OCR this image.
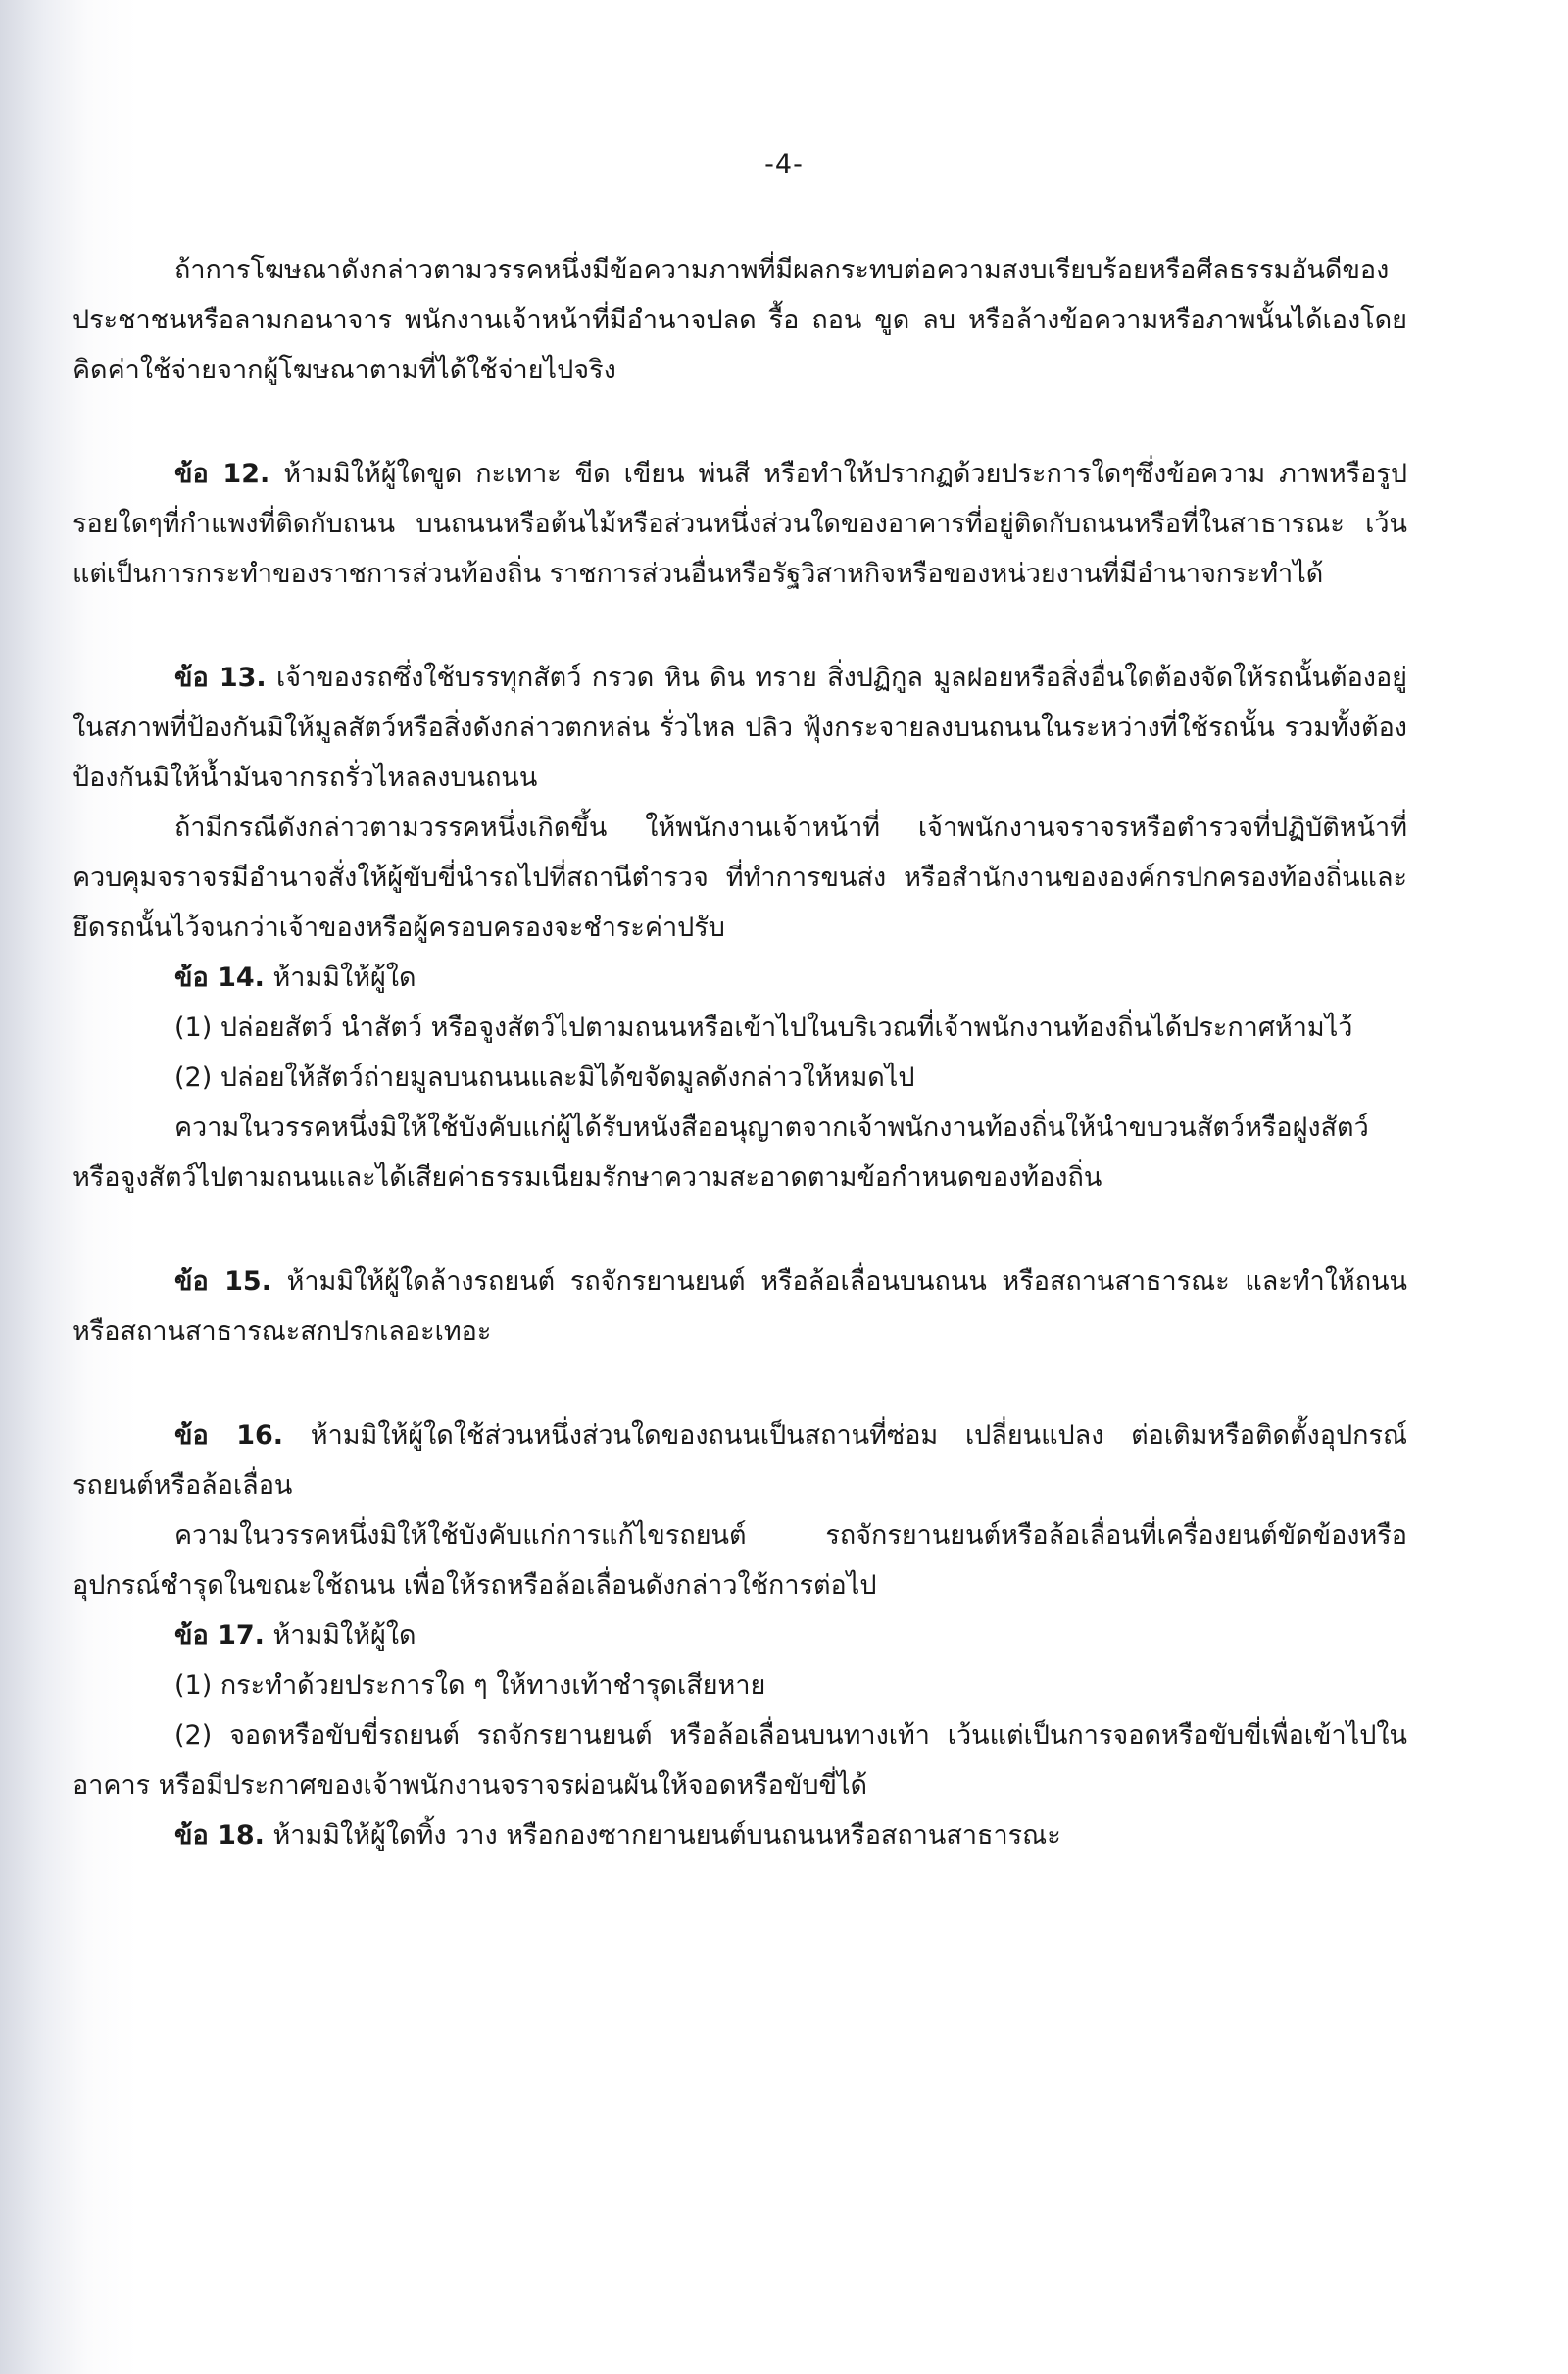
-4-

ถ้าการโฆษณาดังกล่าวตามวรรคหนึ่งมีข้อความภาพที่มีผลกระทบต่อความสงบเรียบร้อยหรือศีลธรรมอันดีของประชาชนหรือลามกอนาจาร พนักงานเจ้าหน้าที่มีอำนาจปลด รื้อ ถอน ขูด ลบ หรือล้างข้อความหรือภาพนั้นได้เองโดยคิดค่าใช้จ่ายจากผู้โฆษณาตามที่ได้ใช้จ่ายไปจริง

ข้อ 12. ห้ามมิให้ผู้ใดขูด กะเทาะ ขีด เขียน พ่นสี หรือทำให้ปรากฏด้วยประการใดๆซึ่งข้อความ ภาพหรือรูปรอยใดๆที่กำแพงที่ติดกับถนน บนถนนหรือต้นไม้หรือส่วนหนึ่งส่วนใดของอาคารที่อยู่ติดกับถนนหรือที่ในสาธารณะ เว้นแต่เป็นการกระทำของราชการส่วนท้องถิ่น ราชการส่วนอื่นหรือรัฐวิสาหกิจหรือของหน่วยงานที่มีอำนาจกระทำได้

ข้อ 13. เจ้าของรถซึ่งใช้บรรทุกสัตว์ กรวด หิน ดิน ทราย สิ่งปฏิกูล มูลฝอยหรือสิ่งอื่นใดต้องจัดให้รถนั้นต้องอยู่ในสภาพที่ป้องกันมิให้มูลสัตว์หรือสิ่งดังกล่าวตกหล่น รั่วไหล ปลิว ฟุ้งกระจายลงบนถนนในระหว่างที่ใช้รถนั้น รวมทั้งต้องป้องกันมิให้น้ำมันจากรถรั่วไหลลงบนถนน

ถ้ามีกรณีดังกล่าวตามวรรคหนึ่งเกิดขึ้น ให้พนักงานเจ้าหน้าที่ เจ้าพนักงานจราจรหรือตำรวจที่ปฏิบัติหน้าที่ควบคุมจราจรมีอำนาจสั่งให้ผู้ขับขี่นำรถไปที่สถานีตำรวจ ที่ทำการขนส่ง หรือสำนักงานขององค์กรปกครองท้องถิ่นและยึดรถนั้นไว้จนกว่าเจ้าของหรือผู้ครอบครองจะชำระค่าปรับ

ข้อ 14. ห้ามมิให้ผู้ใด

(1) ปล่อยสัตว์ นำสัตว์ หรือจูงสัตว์ไปตามถนนหรือเข้าไปในบริเวณที่เจ้าพนักงานท้องถิ่นได้ประกาศห้ามไว้

(2) ปล่อยให้สัตว์ถ่ายมูลบนถนนและมิได้ขจัดมูลดังกล่าวให้หมดไป

ความในวรรคหนึ่งมิให้ใช้บังคับแก่ผู้ได้รับหนังสืออนุญาตจากเจ้าพนักงานท้องถิ่นให้นำขบวนสัตว์หรือฝูงสัตว์ หรือจูงสัตว์ไปตามถนนและได้เสียค่าธรรมเนียมรักษาความสะอาดตามข้อกำหนดของท้องถิ่น

ข้อ 15. ห้ามมิให้ผู้ใดล้างรถยนต์ รถจักรยานยนต์ หรือล้อเลื่อนบนถนน หรือสถานสาธารณะ และทำให้ถนนหรือสถานสาธารณะสกปรกเลอะเทอะ

ข้อ 16. ห้ามมิให้ผู้ใดใช้ส่วนหนึ่งส่วนใดของถนนเป็นสถานที่ซ่อม เปลี่ยนแปลง ต่อเติมหรือติดตั้งอุปกรณ์รถยนต์หรือล้อเลื่อน

ความในวรรคหนึ่งมิให้ใช้บังคับแก่การแก้ไขรถยนต์ รถจักรยานยนต์หรือล้อเลื่อนที่เครื่องยนต์ขัดข้องหรืออุปกรณ์ชำรุดในขณะใช้ถนน เพื่อให้รถหรือล้อเลื่อนดังกล่าวใช้การต่อไป

ข้อ 17. ห้ามมิให้ผู้ใด

(1) กระทำด้วยประการใด ๆ ให้ทางเท้าชำรุดเสียหาย

(2) จอดหรือขับขี่รถยนต์ รถจักรยานยนต์ หรือล้อเลื่อนบนทางเท้า เว้นแต่เป็นการจอดหรือขับขี่เพื่อเข้าไปในอาคาร หรือมีประกาศของเจ้าพนักงานจราจรผ่อนผันให้จอดหรือขับขี่ได้

ข้อ 18. ห้ามมิให้ผู้ใดทิ้ง วาง หรือกองซากยานยนต์บนถนนหรือสถานสาธารณะ
